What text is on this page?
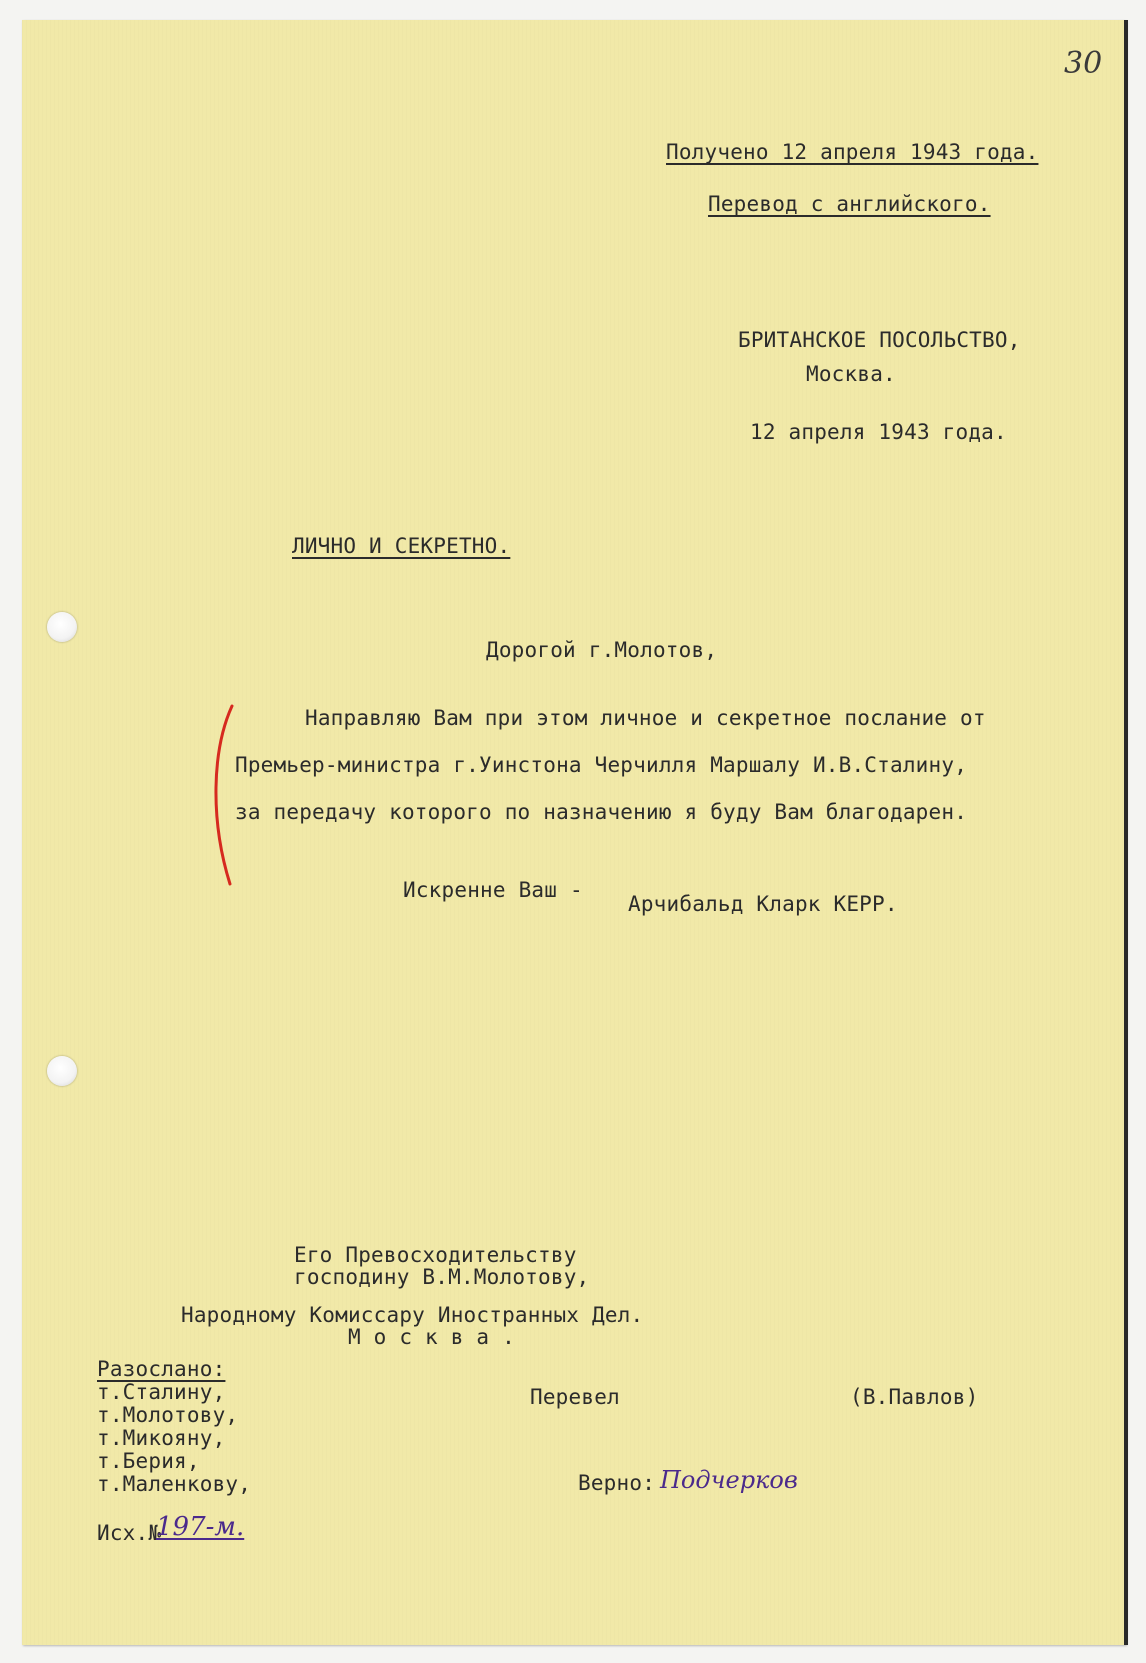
30
Получено 12 апреля 1943 года.
Перевод с английского.
БРИТАНСКОЕ ПОСОЛЬСТВО,
Москва.
12 апреля 1943 года.
ЛИЧНО И СЕКРЕТНО.
Дорогой г.Молотов,
Направляю Вам при этом личное и секретное послание от
Премьер-министра г.Уинстона Черчилля Маршалу И.В.Сталину,
за передачу которого по назначению я буду Вам благодарен.
Искренне Ваш -
Арчибальд Кларк КЕРР.
Его Превосходительству
господину В.М.Молотову,
Народному Комиссару Иностранных Дел.
М о с к в а .
Разослано:
т.Сталину,
т.Молотову,
т.Микояну,
т.Берия,
т.Маленкову,
Перевел	(В.Павлов)
Верно: Подчерков
Исх.№
197-м.
